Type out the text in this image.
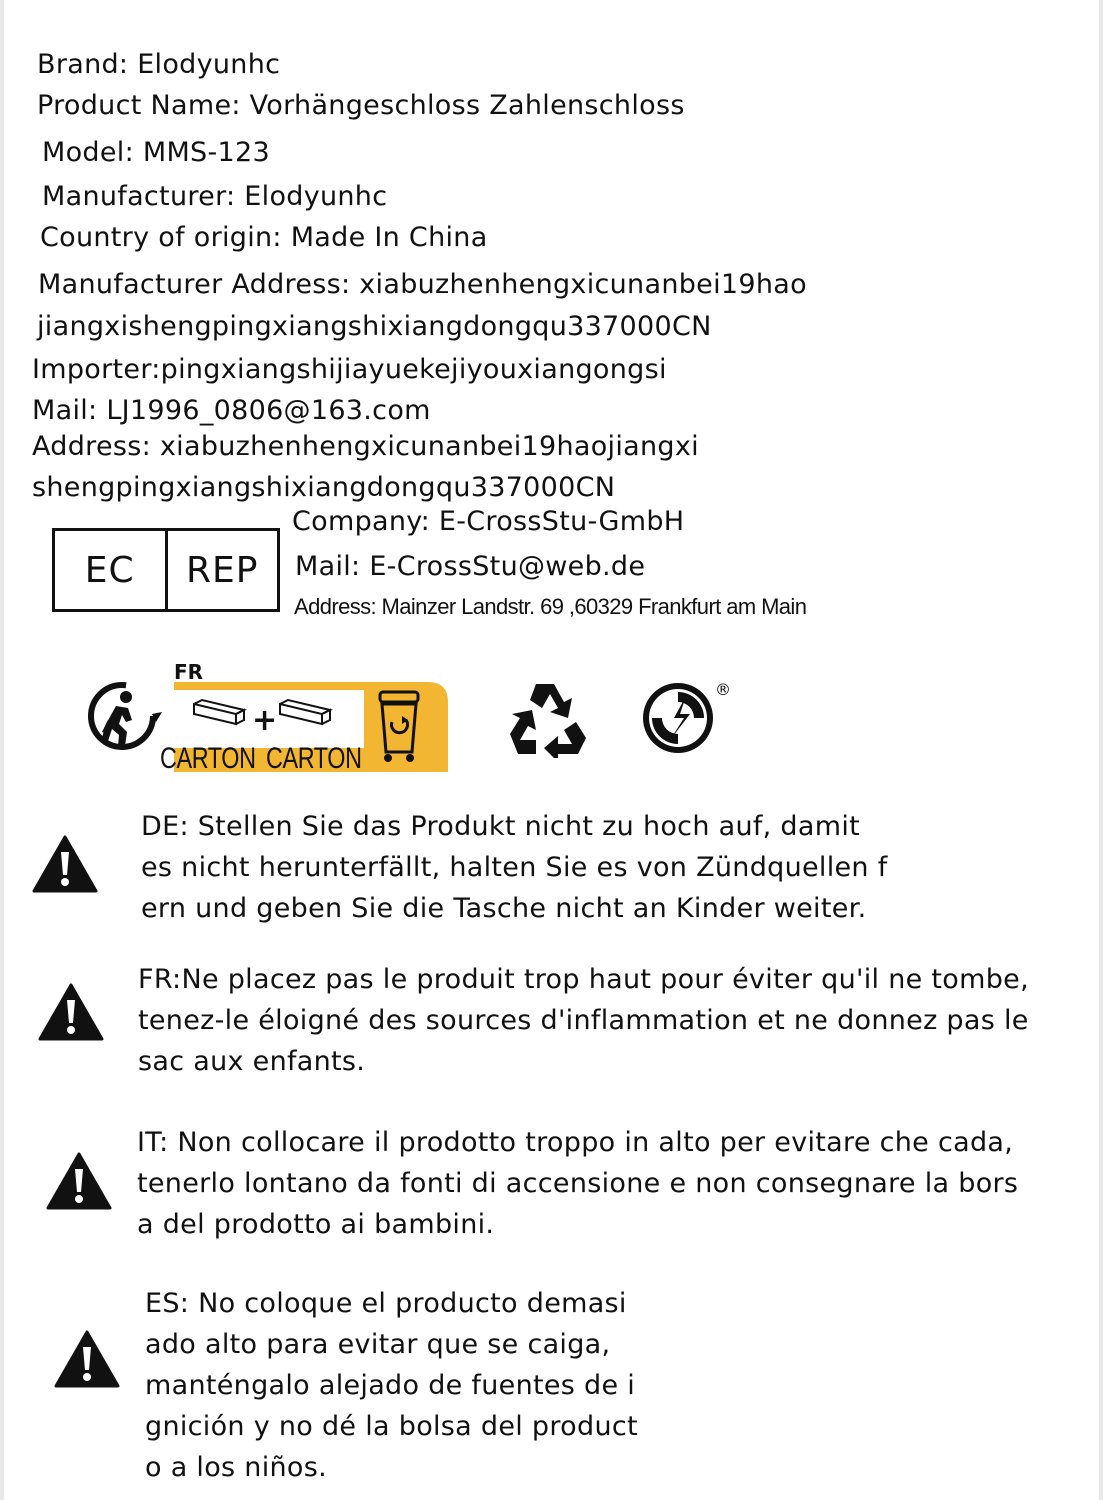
Brand: Elodyunhc
Product Name: Vorhängeschloss Zahlenschloss
Model: MMS-123
Manufacturer: Elodyunhc
Country of origin: Made In China
Manufacturer Address: xiabuzhenhengxicunanbei19hao
jiangxishengpingxiangshixiangdongqu337000CN
Importer:pingxiangshijiayuekejiyouxiangongsi
Mail: LJ1996_0806@163.com
Address: xiabuzhenhengxicunanbei19haojiangxi
shengpingxiangshixiangdongqu337000CN
EC	REP
Company: E-CrossStu-GmbH
Mail: E-CrossStu@web.de
Address: Mainzer Landstr. 69 ,60329 Frankfurt am Main
+
FR
CARTON CARTON
®
DE: Stellen Sie das Produkt nicht zu hoch auf, damit
es nicht herunterfällt, halten Sie es von Zündquellen f
ern und geben Sie die Tasche nicht an Kinder weiter.
FR:Ne placez pas le produit trop haut pour éviter qu'il ne tombe,
tenez-le éloigné des sources d'inflammation et ne donnez pas le
sac aux enfants.
IT: Non collocare il prodotto troppo in alto per evitare che cada,
tenerlo lontano da fonti di accensione e non consegnare la bors
a del prodotto ai bambini.
ES: No coloque el producto demasi
ado alto para evitar que se caiga,
manténgalo alejado de fuentes de i
gnición y no dé la bolsa del product
o a los niños.
